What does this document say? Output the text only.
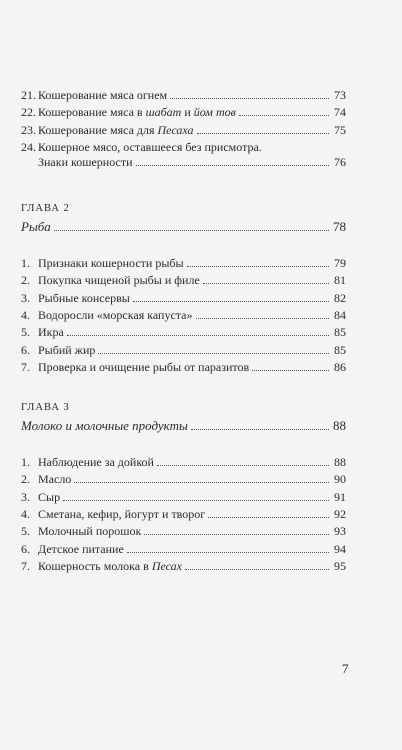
21. Кошерование мяса огнем	73
22. Кошерование мяса в шабат и йом тов	74
23. Кошерование мяса для Песаха	75
24. Кошерное мясо, оставшееся без присмотра.
Знаки кошерности	76
ГЛАВА 2
Рыба	78
1. Признаки кошерности рыбы	79
2. Покупка чищеной рыбы и филе	81
3. Рыбные консервы	82
4. Водоросли «морская капуста»	84
5. Икра	85
6. Рыбий жир	85
7. Проверка и очищение рыбы от паразитов	86
ГЛАВА 3
Молоко и молочные продукты	88
1. Наблюдение за дойкой	88
2. Масло	90
3. Сыр	91
4. Сметана, кефир, йогурт и творог	92
5. Молочный порошок	93
6. Детское питание	94
7. Кошерность молока в Песах	95
7
